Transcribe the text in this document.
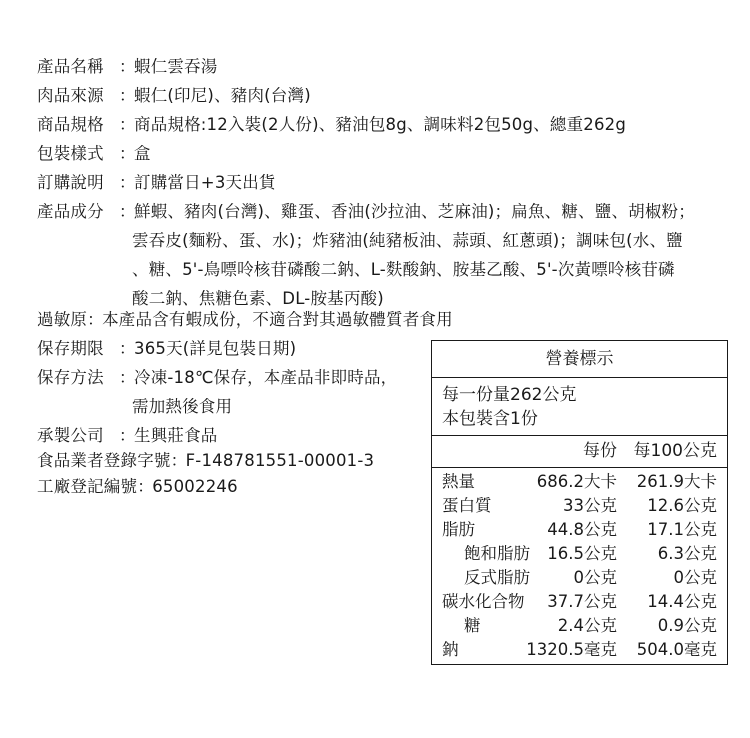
產品名稱 ：蝦仁雲吞湯
肉品來源 ：蝦仁(印尼)、豬肉(台灣)
商品規格 ：商品規格:12入裝(2人份)、豬油包8g、調味料2包50g、總重262g
包裝樣式 ：盒
訂購說明 ：訂購當日+3天出貨
產品成分 ：鮮蝦、豬肉(台灣)、雞蛋、香油(沙拉油、芝麻油)；扁魚、糖、鹽、胡椒粉；
雲吞皮(麵粉、蛋、水)；炸豬油(純豬板油、蒜頭、紅蔥頭)；調味包(水、鹽
、糖、5'-鳥嘌呤核苷磷酸二鈉、L-麩酸鈉、胺基乙酸、5'-次黃嘌呤核苷磷
酸二鈉、焦糖色素、DL-胺基丙酸)
過敏原：本產品含有蝦成份，不適合對其過敏體質者食用
保存期限 ：365天(詳見包裝日期)
保存方法 ：冷凍-18℃保存，本產品非即時品，
需加熱後食用
承製公司 ：生興莊食品
食品業者登錄字號：F-148781551-00001-3
工廠登記編號：65002246
營養標示
每一份量262公克
本包裝含1份
每份 每100公克
熱量	686.2大卡 261.9大卡
蛋白質	33公克 12.6公克
脂肪	44.8公克 17.1公克
飽和脂肪 16.5公克 6.3公克
反式脂肪	0公克	0公克
碳水化合物 37.7公克 14.4公克
糖	2.4公克 0.9公克
鈉	1320.5毫克 504.0毫克
